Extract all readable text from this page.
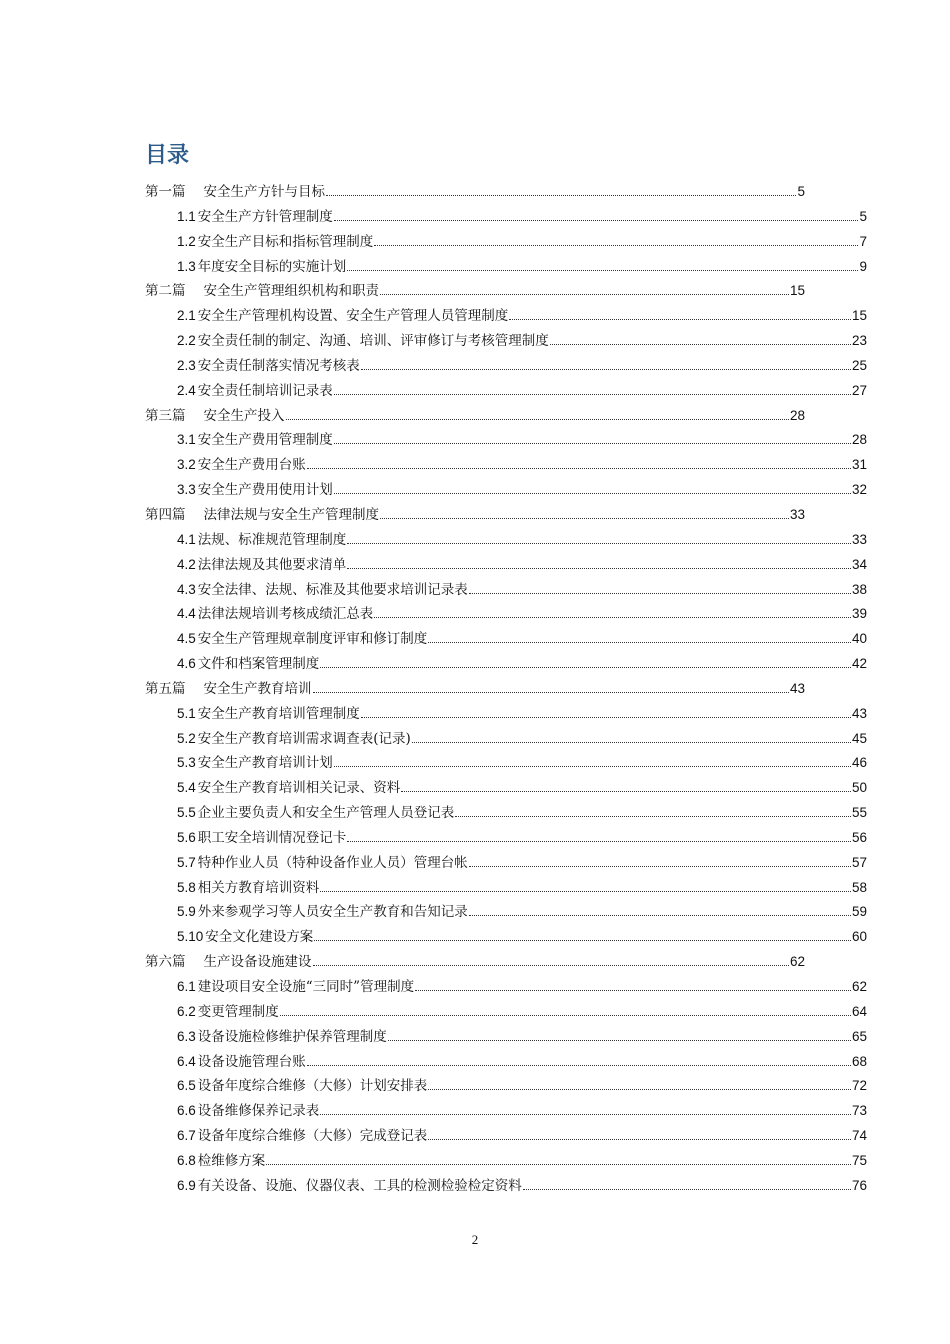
目录
第一篇 安全生产方针与目标	5
1.1 安全生产方针管理制度	5
1.2 安全生产目标和指标管理制度	7
1.3 年度安全目标的实施计划	9
第二篇 安全生产管理组织机构和职责	15
2.1 安全生产管理机构设置、安全生产管理人员管理制度	15
2.2 安全责任制的制定、沟通、培训、评审修订与考核管理制度	23
2.3 安全责任制落实情况考核表	25
2.4 安全责任制培训记录表	27
第三篇 安全生产投入	28
3.1 安全生产费用管理制度	28
3.2 安全生产费用台账	31
3.3 安全生产费用使用计划	32
第四篇 法律法规与安全生产管理制度	33
4.1 法规、标准规范管理制度	33
4.2 法律法规及其他要求清单	34
4.3 安全法律、法规、标准及其他要求培训记录表	38
4.4 法律法规培训考核成绩汇总表	39
4.5 安全生产管理规章制度评审和修订制度	40
4.6 文件和档案管理制度	42
第五篇 安全生产教育培训	43
5.1 安全生产教育培训管理制度	43
5.2 安全生产教育培训需求调查表(记录)	45
5.3 安全生产教育培训计划	46
5.4 安全生产教育培训相关记录、资料	50
5.5 企业主要负责人和安全生产管理人员登记表	55
5.6 职工安全培训情况登记卡	56
5.7 特种作业人员（特种设备作业人员）管理台帐	57
5.8 相关方教育培训资料	58
5.9 外来参观学习等人员安全生产教育和告知记录	59
5.10 安全文化建设方案	60
第六篇 生产设备设施建设	62
6.1 建设项目安全设施“三同时”管理制度	62
6.2 变更管理制度	64
6.3 设备设施检修维护保养管理制度	65
6.4 设备设施管理台账	68
6.5 设备年度综合维修（大修）计划安排表	72
6.6 设备维修保养记录表	73
6.7 设备年度综合维修（大修）完成登记表	74
6.8 检维修方案	75
6.9 有关设备、设施、仪器仪表、工具的检测检验检定资料	76
2
